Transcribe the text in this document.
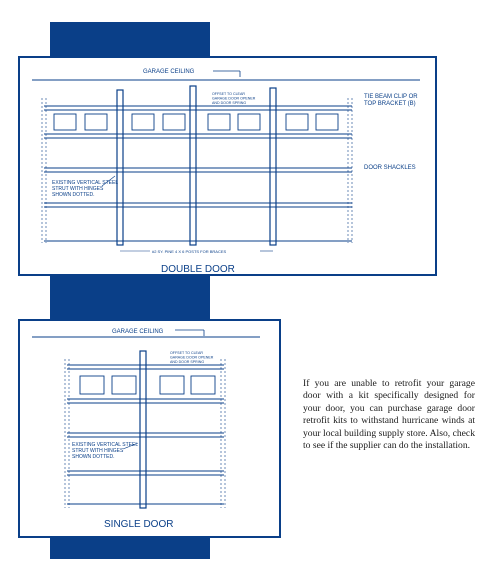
GARAGE CEILING
OFFSET TO CLEAR
GARAGE DOOR OPENER
AND DOOR SPRING
TIE BEAM CLIP OR
TOP BRACKET (B)
DOOR SHACKLES
EXISTING VERTICAL STEEL
STRUT WITH HINGES
SHOWN DOTTED.
#2 SY. PINE 4 X 6 POSTS FOR BRACES
DOUBLE DOOR
GARAGE CEILING
OFFSET TO CLEAR
GARAGE DOOR OPENER
AND DOOR SPRING
EXISTING VERTICAL STEEL
STRUT WITH HINGES
SHOWN DOTTED.
SINGLE DOOR

If you are unable to retrofit your garage door with a kit specifically designed for your door, you can purchase garage door retrofit kits to withstand hurricane winds at your local building supply store. Also, check to see if the supplier can do the installation.
